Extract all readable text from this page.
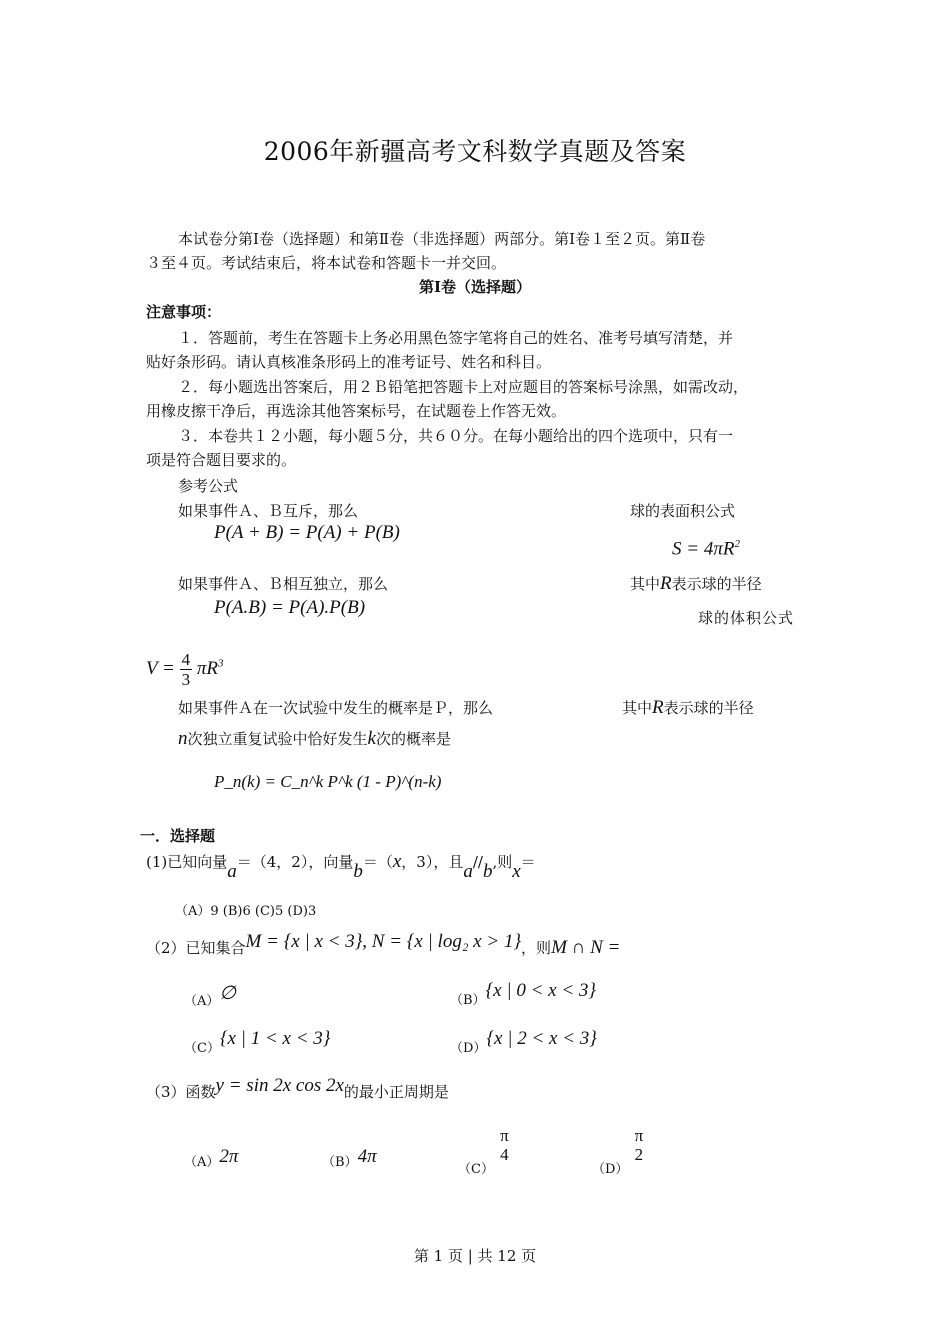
2006年新疆高考文科数学真题及答案
本试卷分第Ⅰ卷（选择题）和第Ⅱ卷（非选择题）两部分。第Ⅰ卷１至２页。第Ⅱ卷
３至４页。考试结束后，将本试卷和答题卡一并交回。
第Ⅰ卷（选择题）
注意事项：
１．答题前，考生在答题卡上务必用黑色签字笔将自己的姓名、准考号填写清楚，并
贴好条形码。请认真核准条形码上的准考证号、姓名和科目。
２．每小题选出答案后，用２Ｂ铅笔把答题卡上对应题目的答案标号涂黑，如需改动，
用橡皮擦干净后，再选涂其他答案标号，在试题卷上作答无效。
３．本卷共１２小题，每小题５分，共６０分。在每小题给出的四个选项中，只有一
项是符合题目要求的。
参考公式
如果事件Ａ、Ｂ互斥，那么	球的表面积公式
P(A + B) = P(A) + P(B)
$S = 4\pi R^2$
如果事件Ａ、Ｂ相互独立，那么	其中R表示球的半径
P(A.B) = P(A).P(B)	球的体积公式
$V = \frac{4}{3} \pi R^3$
如果事件Ａ在一次试验中发生的概率是Ｐ，那么	其中R表示球的半径
n次独立重复试验中恰好发生k次的概率是
P_n(k) = C_n^k P^k (1 - P)^(n-k)
一．选择题
(1)已知向量a＝（4，2），向量b＝（x，3），且a//b,则x＝
（A）9 (B)6 (C)5 (D)3
（2）已知集合M = {x | x < 3}, N = {x | log₂ x > 1}，则M ∩ N =
（A）∅	（B）{x | 0 < x < 3}
（C）{x | 1 < x < 3}	（D）{x | 2 < x < 3}
（3）函数y = sin 2x cos 2x的最小正周期是
（A）2π	（B）4π
（C）
π
4
（D）
π
2
第 1 页 | 共 12 页
